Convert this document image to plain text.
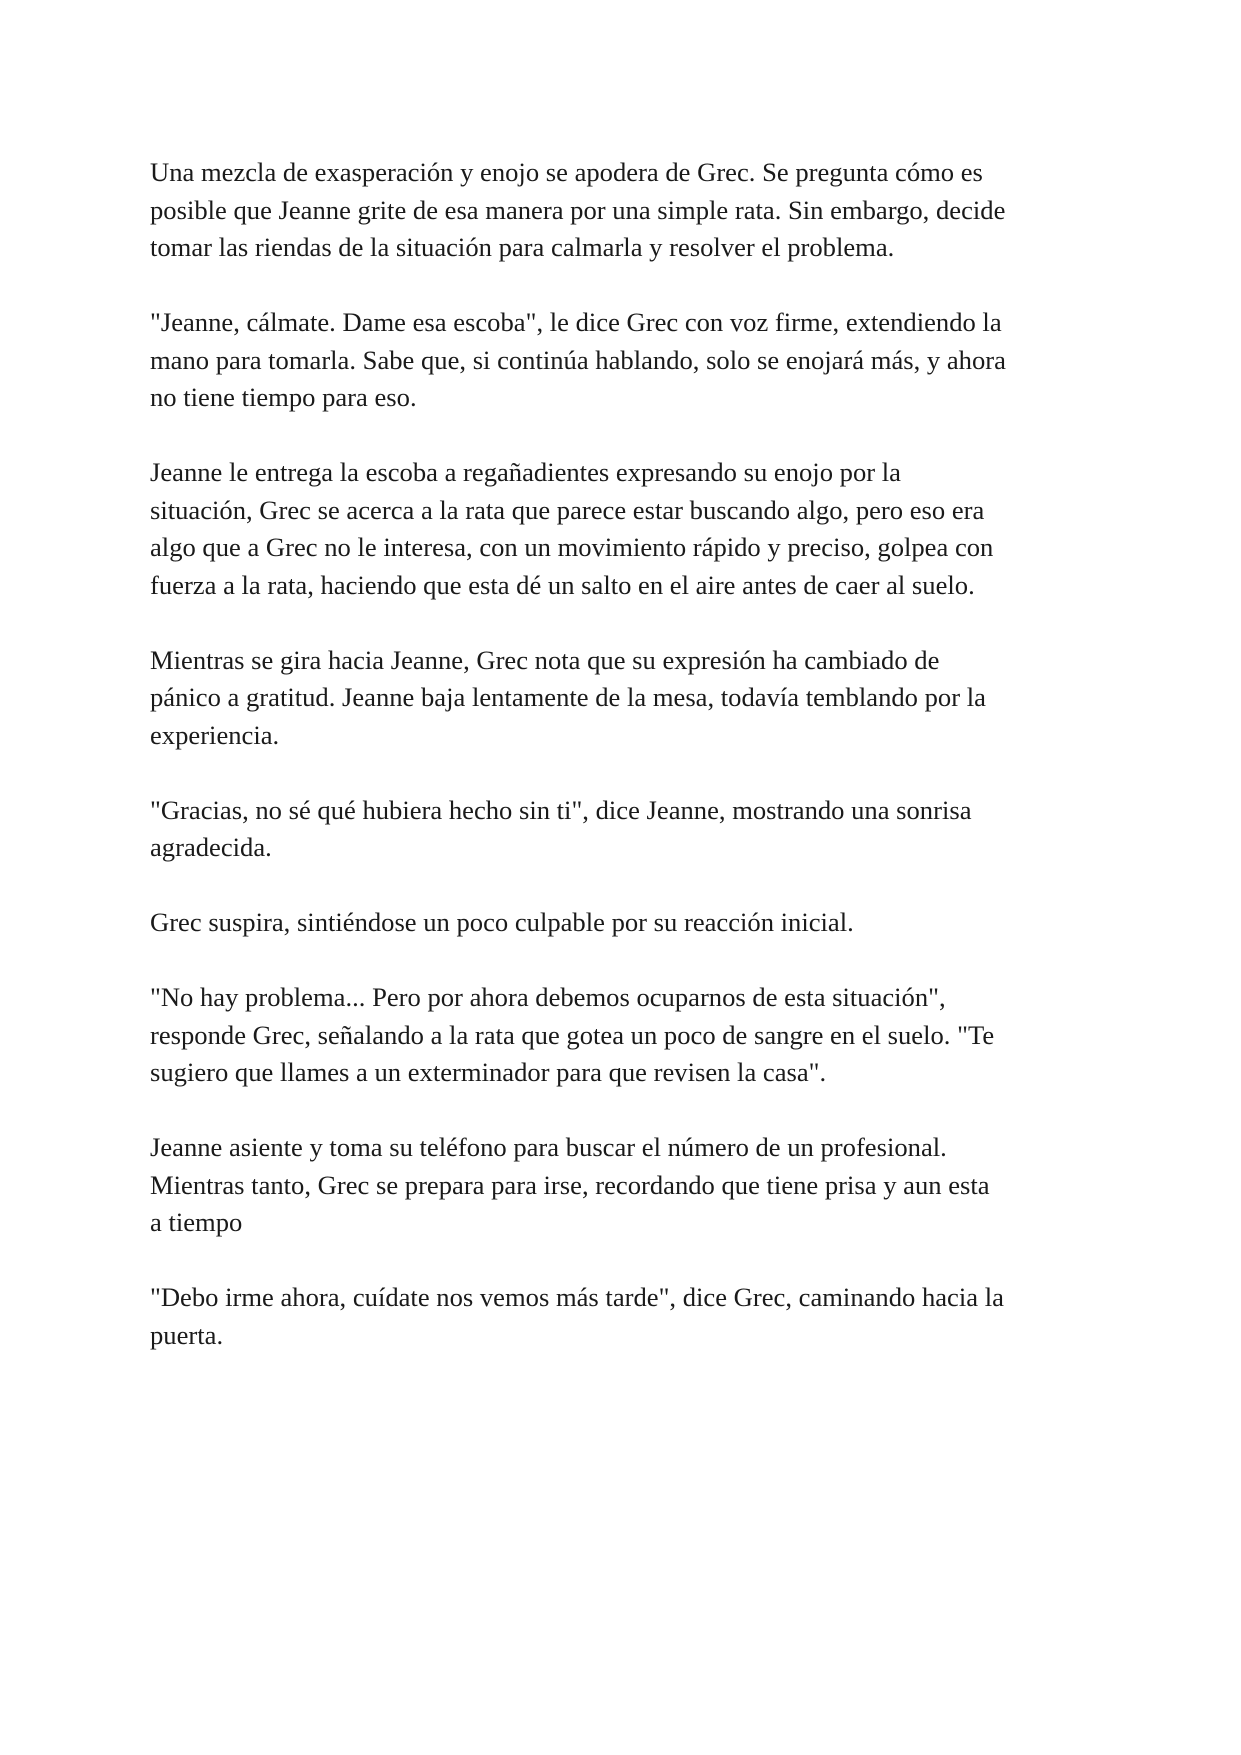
Una mezcla de exasperación y enojo se apodera de Grec. Se pregunta cómo es
posible que Jeanne grite de esa manera por una simple rata. Sin embargo, decide
tomar las riendas de la situación para calmarla y resolver el problema.

"Jeanne, cálmate. Dame esa escoba", le dice Grec con voz firme, extendiendo la
mano para tomarla. Sabe que, si continúa hablando, solo se enojará más, y ahora
no tiene tiempo para eso.

Jeanne le entrega la escoba a regañadientes expresando su enojo por la
situación, Grec se acerca a la rata que parece estar buscando algo, pero eso era
algo que a Grec no le interesa, con un movimiento rápido y preciso, golpea con
fuerza a la rata, haciendo que esta dé un salto en el aire antes de caer al suelo.

Mientras se gira hacia Jeanne, Grec nota que su expresión ha cambiado de
pánico a gratitud. Jeanne baja lentamente de la mesa, todavía temblando por la
experiencia.

"Gracias, no sé qué hubiera hecho sin ti", dice Jeanne, mostrando una sonrisa
agradecida.

Grec suspira, sintiéndose un poco culpable por su reacción inicial.

"No hay problema... Pero por ahora debemos ocuparnos de esta situación",
responde Grec, señalando a la rata que gotea un poco de sangre en el suelo. "Te
sugiero que llames a un exterminador para que revisen la casa".

Jeanne asiente y toma su teléfono para buscar el número de un profesional.
Mientras tanto, Grec se prepara para irse, recordando que tiene prisa y aun esta
a tiempo

"Debo irme ahora, cuídate nos vemos más tarde", dice Grec, caminando hacia la
puerta.
